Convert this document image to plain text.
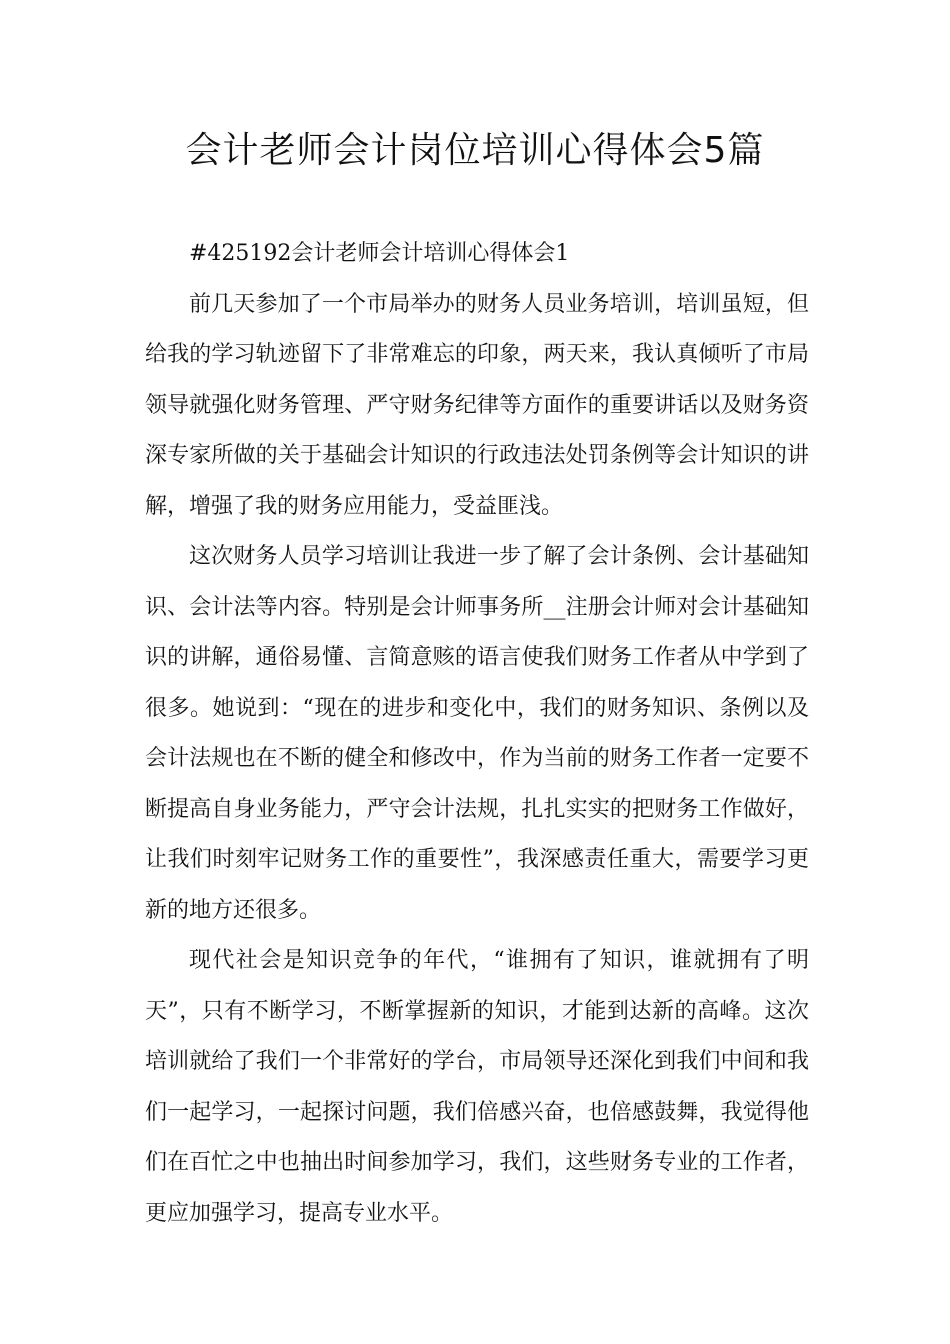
会计老师会计岗位培训心得体会5篇

#425192会计老师会计培训心得体会1

前几天参加了一个市局举办的财务人员业务培训，培训虽短，但给我的学习轨迹留下了非常难忘的印象，两天来，我认真倾听了市局领导就强化财务管理、严守财务纪律等方面作的重要讲话以及财务资深专家所做的关于基础会计知识的行政违法处罚条例等会计知识的讲解，增强了我的财务应用能力，受益匪浅。

这次财务人员学习培训让我进一步了解了会计条例、会计基础知识、会计法等内容。特别是会计师事务所__注册会计师对会计基础知识的讲解，通俗易懂、言简意赅的语言使我们财务工作者从中学到了很多。她说到：“现在的进步和变化中，我们的财务知识、条例以及会计法规也在不断的健全和修改中，作为当前的财务工作者一定要不断提高自身业务能力，严守会计法规，扎扎实实的把财务工作做好，让我们时刻牢记财务工作的重要性”，我深感责任重大，需要学习更新的地方还很多。

现代社会是知识竞争的年代，“谁拥有了知识，谁就拥有了明天”，只有不断学习，不断掌握新的知识，才能到达新的高峰。这次培训就给了我们一个非常好的学台，市局领导还深化到我们中间和我们一起学习，一起探讨问题，我们倍感兴奋，也倍感鼓舞，我觉得他们在百忙之中也抽出时间参加学习，我们，这些财务专业的工作者，更应加强学习，提高专业水平。
